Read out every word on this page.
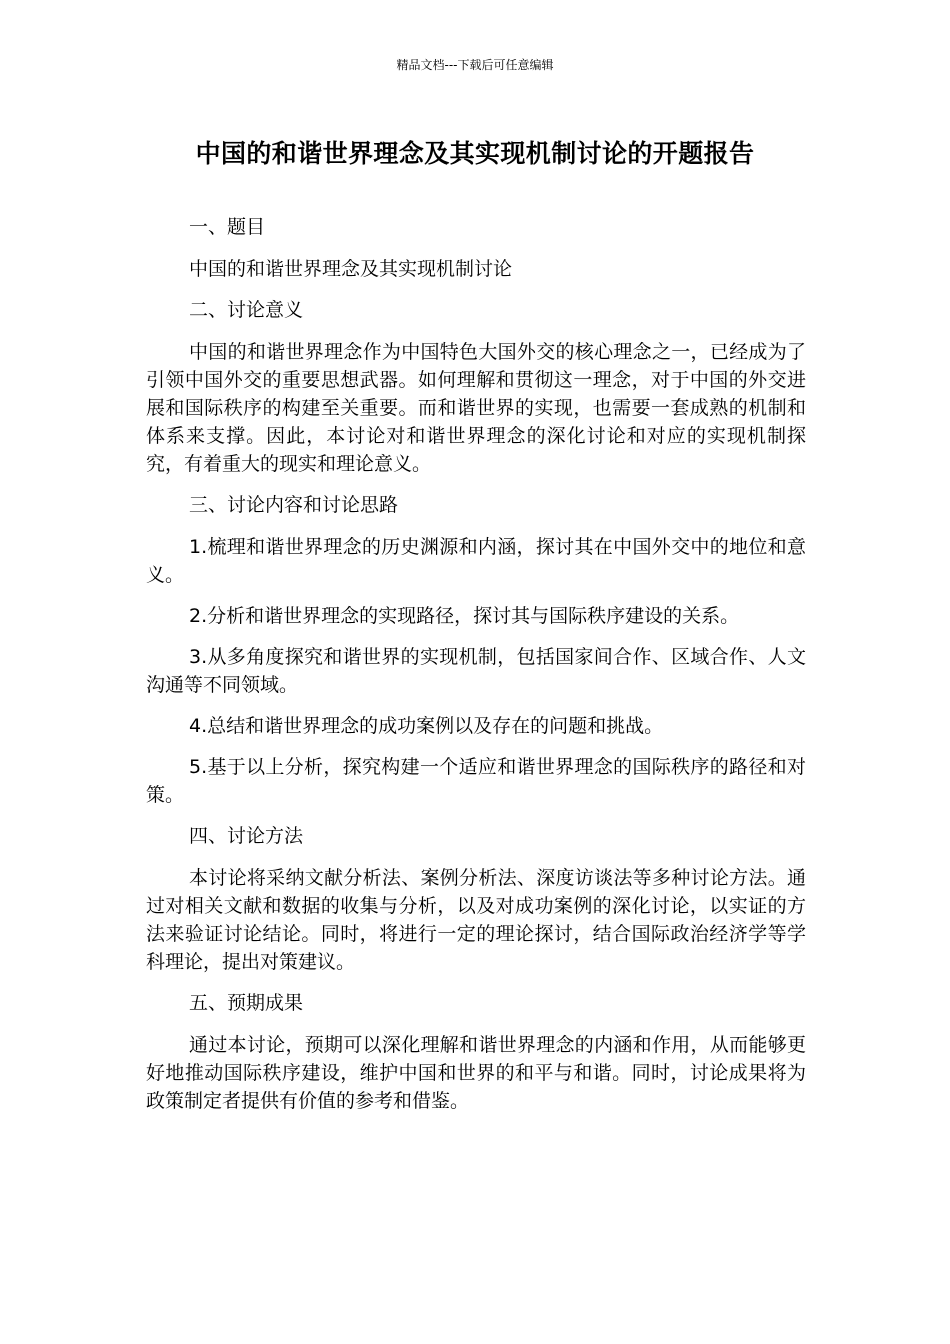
精品文档---下载后可任意编辑
中国的和谐世界理念及其实现机制讨论的开题报告

一、题目

中国的和谐世界理念及其实现机制讨论

二、讨论意义

中国的和谐世界理念作为中国特色大国外交的核心理念之一，已经成为了引领中国外交的重要思想武器。如何理解和贯彻这一理念，对于中国的外交进展和国际秩序的构建至关重要。而和谐世界的实现，也需要一套成熟的机制和体系来支撑。因此，本讨论对和谐世界理念的深化讨论和对应的实现机制探究，有着重大的现实和理论意义。

三、讨论内容和讨论思路

1.梳理和谐世界理念的历史渊源和内涵，探讨其在中国外交中的地位和意义。

2.分析和谐世界理念的实现路径，探讨其与国际秩序建设的关系。

3.从多角度探究和谐世界的实现机制，包括国家间合作、区域合作、人文沟通等不同领域。

4.总结和谐世界理念的成功案例以及存在的问题和挑战。

5.基于以上分析，探究构建一个适应和谐世界理念的国际秩序的路径和对策。

四、讨论方法

本讨论将采纳文献分析法、案例分析法、深度访谈法等多种讨论方法。通过对相关文献和数据的收集与分析，以及对成功案例的深化讨论，以实证的方法来验证讨论结论。同时，将进行一定的理论探讨，结合国际政治经济学等学科理论，提出对策建议。

五、预期成果

通过本讨论，预期可以深化理解和谐世界理念的内涵和作用，从而能够更好地推动国际秩序建设，维护中国和世界的和平与和谐。同时，讨论成果将为政策制定者提供有价值的参考和借鉴。
